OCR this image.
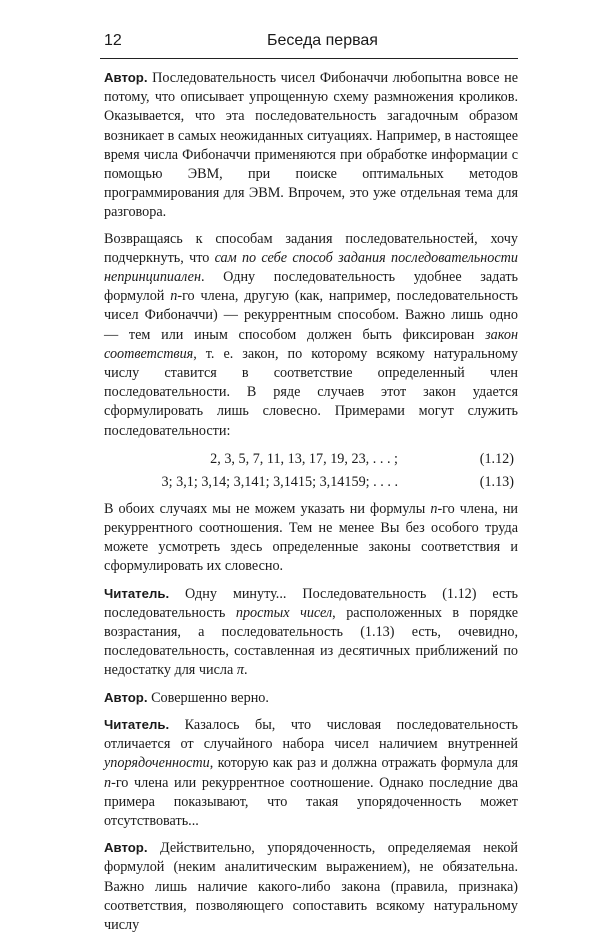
12	Беседа первая

Автор. Последовательность чисел Фибоначчи любопытна вовсе не потому, что описывает упрощенную схему размножения кроликов. Оказывается, что эта последовательность загадочным образом возникает в самых неожиданных ситуациях. Например, в настоящее время числа Фибоначчи применяются при обработке информации с помощью ЭВМ, при поиске оптимальных методов программирования для ЭВМ. Впрочем, это уже отдельная тема для разговора.

Возвращаясь к способам задания последовательностей, хочу подчеркнуть, что сам по себе способ задания последовательности непринципиален. Одну последовательность удобнее задать формулой n-го члена, другую (как, например, последовательность чисел Фибоначчи) — рекуррентным способом. Важно лишь одно — тем или иным способом должен быть фиксирован закон соответствия, т. е. закон, по которому всякому натуральному числу ставится в соответствие определенный член последовательности. В ряде случаев этот закон удается сформулировать лишь словесно. Примерами могут служить последовательности:

2, 3, 5, 7, 11, 13, 17, 19, 23, . . . ;	(1.12)
3; 3,1; 3,14; 3,141; 3,1415; 3,14159; . . . .	(1.13)

В обоих случаях мы не можем указать ни формулы n-го члена, ни рекуррентного соотношения. Тем не менее Вы без особого труда можете усмотреть здесь определенные законы соответствия и сформулировать их словесно.

Читатель. Одну минуту... Последовательность (1.12) есть последовательность простых чисел, расположенных в порядке возрастания, а последовательность (1.13) есть, очевидно, последовательность, составленная из десятичных приближений по недостатку для числа π.

Автор. Совершенно верно.

Читатель. Казалось бы, что числовая последовательность отличается от случайного набора чисел наличием внутренней упорядоченности, которую как раз и должна отражать формула для n-го члена или рекуррентное соотношение. Однако последние два примера показывают, что такая упорядоченность может отсутствовать...

Автор. Действительно, упорядоченность, определяемая некой формулой (неким аналитическим выражением), не обязательна. Важно лишь наличие какого-либо закона (правила, признака) соответствия, позволяющего сопоставить всякому натуральному числу
